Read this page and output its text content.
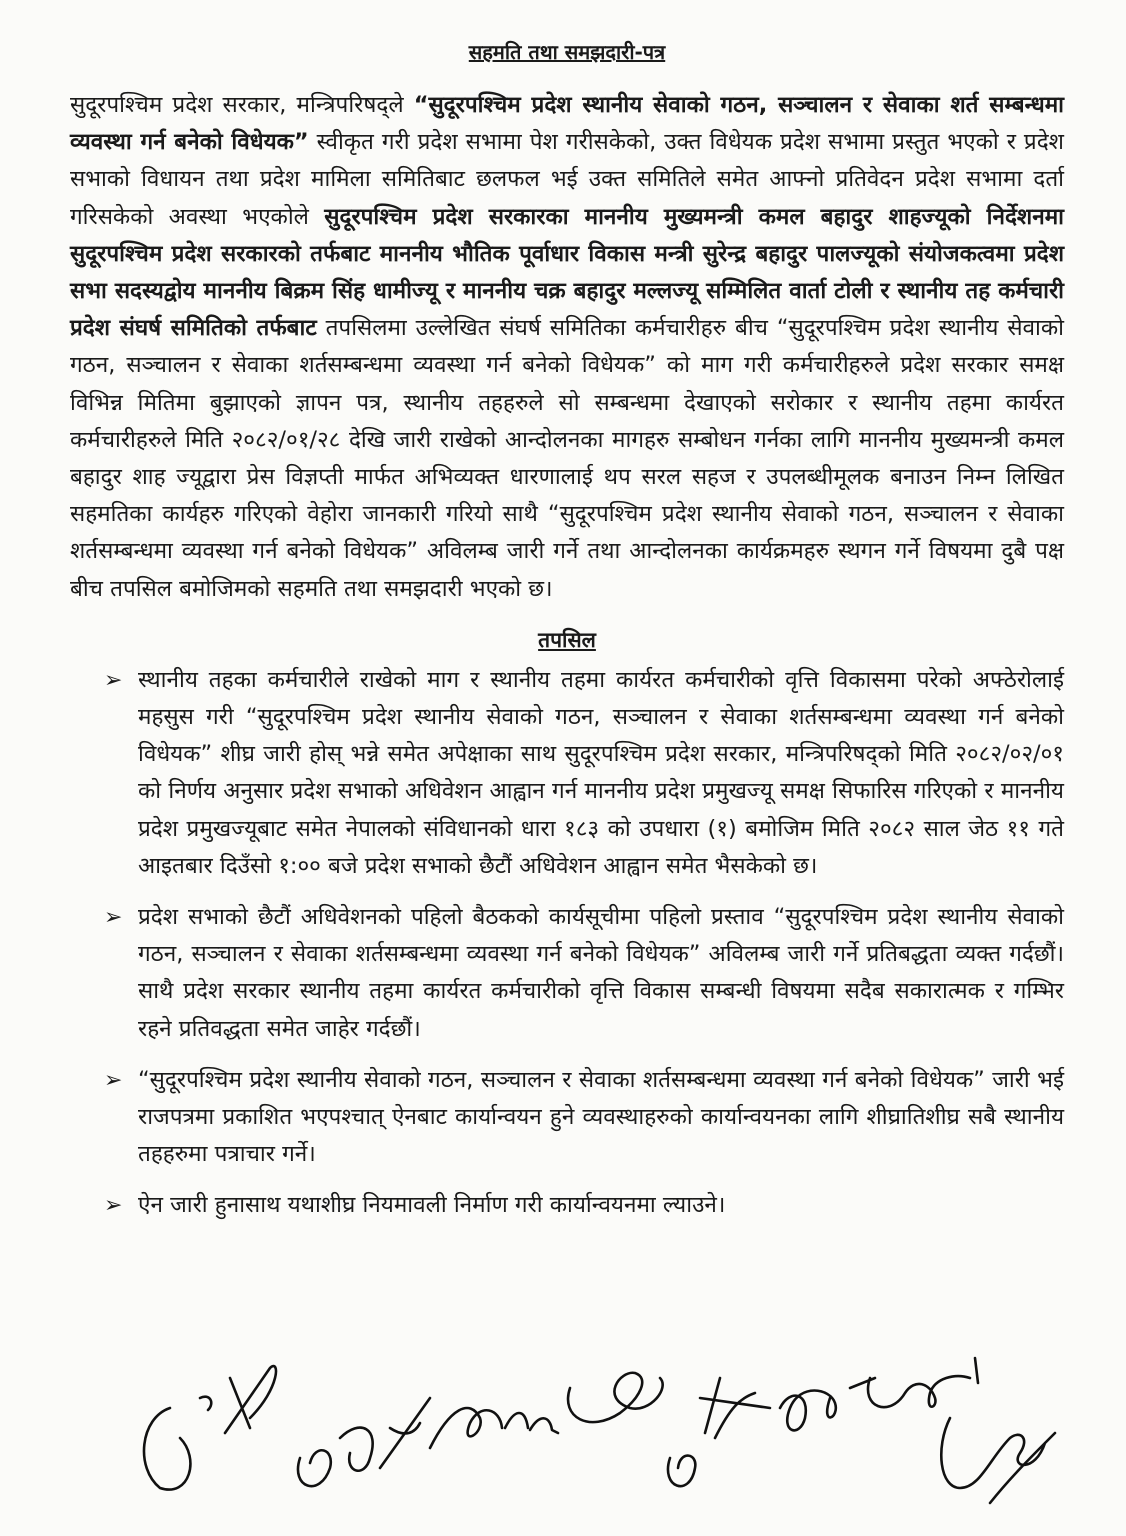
सहमति तथा समझदारी-पत्र

सुदूरपश्चिम प्रदेश सरकार, मन्त्रिपरिषद्ले “सुदूरपश्चिम प्रदेश स्थानीय सेवाको गठन, सञ्चालन र सेवाका शर्त सम्बन्धमा व्यवस्था गर्न बनेको विधेयक” स्वीकृत गरी प्रदेश सभामा पेश गरीसकेको, उक्त विधेयक प्रदेश सभामा प्रस्तुत भएको र प्रदेश सभाको विधायन तथा प्रदेश मामिला समितिबाट छलफल भई उक्त समितिले समेत आफ्नो प्रतिवेदन प्रदेश सभामा दर्ता गरिसकेको अवस्था भएकोले सुदूरपश्चिम प्रदेश सरकारका माननीय मुख्यमन्त्री कमल बहादुर शाहज्यूको निर्देशनमा सुदूरपश्चिम प्रदेश सरकारको तर्फबाट माननीय भौतिक पूर्वाधार विकास मन्त्री सुरेन्द्र बहादुर पालज्यूको संयोजकत्वमा प्रदेश सभा सदस्यद्वोय माननीय बिक्रम सिंह धामीज्यू र माननीय चक्र बहादुर मल्लज्यू सम्मिलित वार्ता टोली र स्थानीय तह कर्मचारी प्रदेश संघर्ष समितिको तर्फबाट तपसिलमा उल्लेखित संघर्ष समितिका कर्मचारीहरु बीच “सुदूरपश्चिम प्रदेश स्थानीय सेवाको गठन, सञ्चालन र सेवाका शर्तसम्बन्धमा व्यवस्था गर्न बनेको विधेयक” को माग गरी कर्मचारीहरुले प्रदेश सरकार समक्ष विभिन्न मितिमा बुझाएको ज्ञापन पत्र, स्थानीय तहहरुले सो सम्बन्धमा देखाएको सरोकार र स्थानीय तहमा कार्यरत कर्मचारीहरुले मिति २०८२/०१/२८ देखि जारी राखेको आन्दोलनका मागहरु सम्बोधन गर्नका लागि माननीय मुख्यमन्त्री कमल बहादुर शाह ज्यूद्वारा प्रेस विज्ञप्ती मार्फत अभिव्यक्त धारणालाई थप सरल सहज र उपलब्धीमूलक बनाउन निम्न लिखित सहमतिका कार्यहरु गरिएको वेहोरा जानकारी गरियो साथै “सुदूरपश्चिम प्रदेश स्थानीय सेवाको गठन, सञ्चालन र सेवाका शर्तसम्बन्धमा व्यवस्था गर्न बनेको विधेयक” अविलम्ब जारी गर्ने तथा आन्दोलनका कार्यक्रमहरु स्थगन गर्ने विषयमा दुबै पक्ष बीच तपसिल बमोजिमको सहमति तथा समझदारी भएको छ।

तपसिल
➢ स्थानीय तहका कर्मचारीले राखेको माग र स्थानीय तहमा कार्यरत कर्मचारीको वृत्ति विकासमा परेको अफ्ठेरोलाई महसुस गरी “सुदूरपश्चिम प्रदेश स्थानीय सेवाको गठन, सञ्चालन र सेवाका शर्तसम्बन्धमा व्यवस्था गर्न बनेको विधेयक” शीघ्र जारी होस् भन्ने समेत अपेक्षाका साथ सुदूरपश्चिम प्रदेश सरकार, मन्त्रिपरिषद्को मिति २०८२/०२/०१ को निर्णय अनुसार प्रदेश सभाको अधिवेशन आह्वान गर्न माननीय प्रदेश प्रमुखज्यू समक्ष सिफारिस गरिएको र माननीय प्रदेश प्रमुखज्यूबाट समेत नेपालको संविधानको धारा १८३ को उपधारा (१) बमोजिम मिति २०८२ साल जेठ ११ गते आइतबार दिउँसो १:०० बजे प्रदेश सभाको छैटौं अधिवेशन आह्वान समेत भैसकेको छ।
➢ प्रदेश सभाको छैटौं अधिवेशनको पहिलो बैठकको कार्यसूचीमा पहिलो प्रस्ताव “सुदूरपश्चिम प्रदेश स्थानीय सेवाको गठन, सञ्चालन र सेवाका शर्तसम्बन्धमा व्यवस्था गर्न बनेको विधेयक” अविलम्ब जारी गर्ने प्रतिबद्धता व्यक्त गर्दछौं। साथै प्रदेश सरकार स्थानीय तहमा कार्यरत कर्मचारीको वृत्ति विकास सम्बन्धी विषयमा सदैब सकारात्मक र गम्भिर रहने प्रतिवद्धता समेत जाहेर गर्दछौं।
➢ “सुदूरपश्चिम प्रदेश स्थानीय सेवाको गठन, सञ्चालन र सेवाका शर्तसम्बन्धमा व्यवस्था गर्न बनेको विधेयक” जारी भई राजपत्रमा प्रकाशित भएपश्चात् ऐनबाट कार्यान्वयन हुने व्यवस्थाहरुको कार्यान्वयनका लागि शीघ्रातिशीघ्र सबै स्थानीय तहहरुमा पत्राचार गर्ने।
➢ ऐन जारी हुनासाथ यथाशीघ्र नियमावली निर्माण गरी कार्यान्वयनमा ल्याउने।
